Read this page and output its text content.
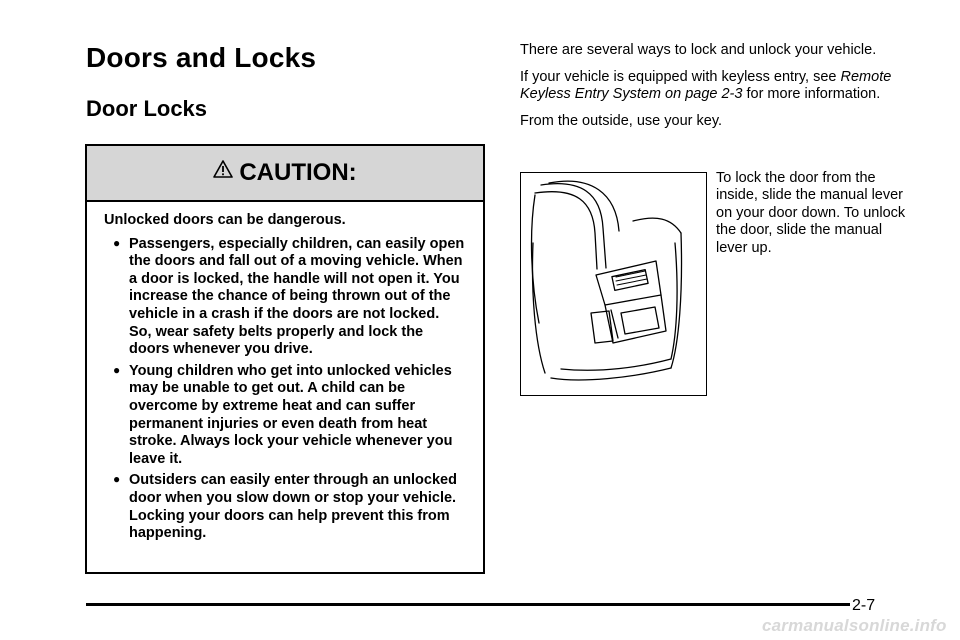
Doors and Locks
Door Locks
CAUTION:

Unlocked doors can be dangerous.

● Passengers, especially children, can easily open the doors and fall out of a moving vehicle. When a door is locked, the handle will not open it. You increase the chance of being thrown out of the vehicle in a crash if the doors are not locked. So, wear safety belts properly and lock the doors whenever you drive.
● Young children who get into unlocked vehicles may be unable to get out. A child can be overcome by extreme heat and can suffer permanent injuries or even death from heat stroke. Always lock your vehicle whenever you leave it.
● Outsiders can easily enter through an unlocked door when you slow down or stop your vehicle. Locking your doors can help prevent this from happening.

There are several ways to lock and unlock your vehicle.

If your vehicle is equipped with keyless entry, see Remote Keyless Entry System on page 2-3 for more information.

From the outside, use your key.

To lock the door from the inside, slide the manual lever on your door down. To unlock the door, slide the manual lever up.

2-7
carmanualsonline.info
